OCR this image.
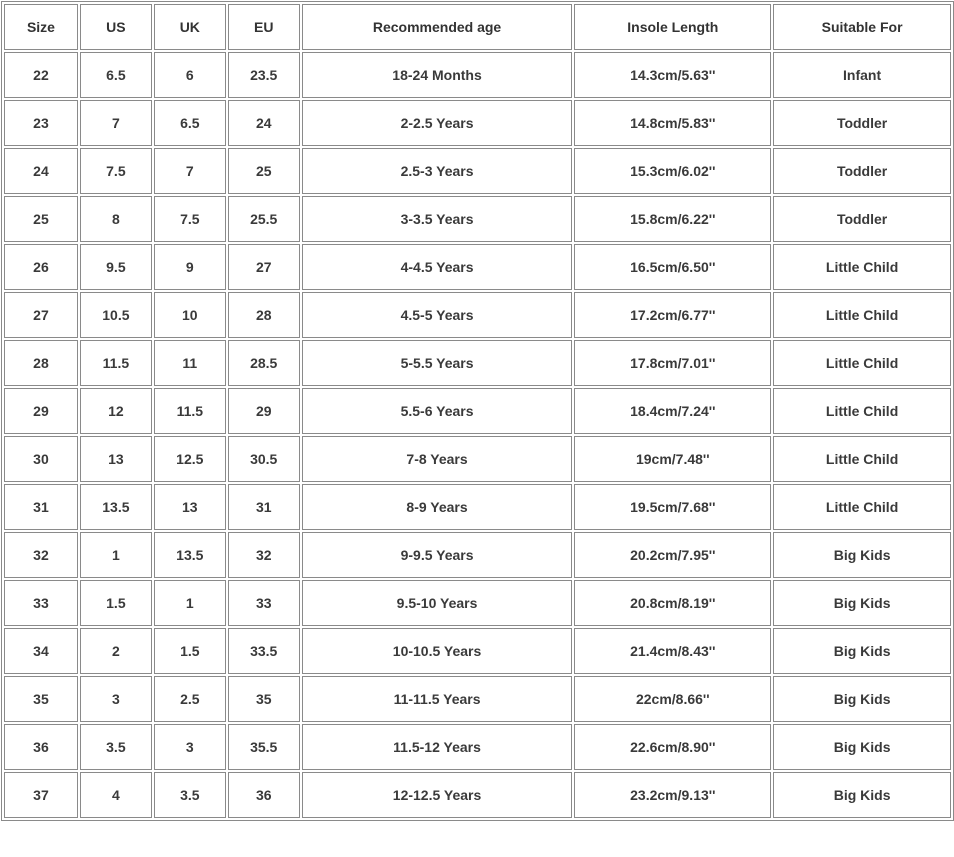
Size	US	UK	EU	Recommended age	Insole Length	Suitable For
22	6.5	6	23.5	18-24 Months	14.3cm/5.63''	Infant
23	7	6.5	24	2-2.5 Years	14.8cm/5.83''	Toddler
24	7.5	7	25	2.5-3 Years	15.3cm/6.02''	Toddler
25	8	7.5	25.5	3-3.5 Years	15.8cm/6.22''	Toddler
26	9.5	9	27	4-4.5 Years	16.5cm/6.50''	Little Child
27	10.5	10	28	4.5-5 Years	17.2cm/6.77''	Little Child
28	11.5	11	28.5	5-5.5 Years	17.8cm/7.01''	Little Child
29	12	11.5	29	5.5-6 Years	18.4cm/7.24''	Little Child
30	13	12.5	30.5	7-8 Years	19cm/7.48''	Little Child
31	13.5	13	31	8-9 Years	19.5cm/7.68''	Little Child
32	1	13.5	32	9-9.5 Years	20.2cm/7.95''	Big Kids
33	1.5	1	33	9.5-10 Years	20.8cm/8.19''	Big Kids
34	2	1.5	33.5	10-10.5 Years	21.4cm/8.43''	Big Kids
35	3	2.5	35	11-11.5 Years	22cm/8.66''	Big Kids
36	3.5	3	35.5	11.5-12 Years	22.6cm/8.90''	Big Kids
37	4	3.5	36	12-12.5 Years	23.2cm/9.13''	Big Kids
